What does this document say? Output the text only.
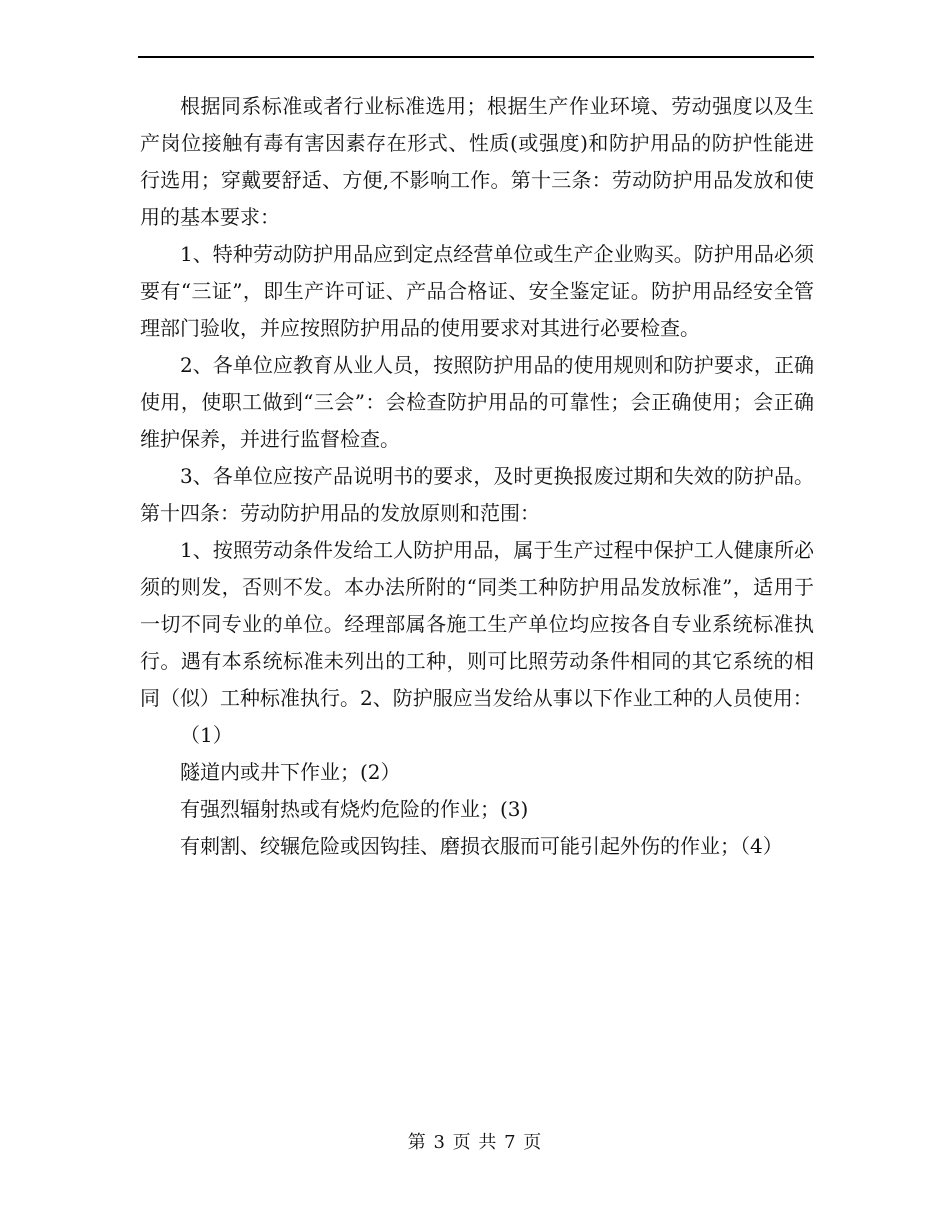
根据同系标准或者行业标准选用；根据生产作业环境、劳动强度以及生产岗位接触有毒有害因素存在形式、性质(或强度)和防护用品的防护性能进行选用；穿戴要舒适、方便,不影响工作。第十三条：劳动防护用品发放和使用的基本要求：

1、特种劳动防护用品应到定点经营单位或生产企业购买。防护用品必须要有“三证”，即生产许可证、产品合格证、安全鉴定证。防护用品经安全管理部门验收，并应按照防护用品的使用要求对其进行必要检查。

2、各单位应教育从业人员，按照防护用品的使用规则和防护要求，正确使用，使职工做到“三会”：会检查防护用品的可靠性；会正确使用；会正确维护保养，并进行监督检查。

3、各单位应按产品说明书的要求，及时更换报废过期和失效的防护品。第十四条：劳动防护用品的发放原则和范围：

1、按照劳动条件发给工人防护用品，属于生产过程中保护工人健康所必须的则发，否则不发。本办法所附的“同类工种防护用品发放标准”，适用于一切不同专业的单位。经理部属各施工生产单位均应按各自专业系统标准执行。遇有本系统标准未列出的工种，则可比照劳动条件相同的其它系统的相同（似）工种标准执行。2、防护服应当发给从事以下作业工种的人员使用：

（1）

隧道内或井下作业；(2）

有强烈辐射热或有烧灼危险的作业；(3)

有刺割、绞辗危险或因钩挂、磨损衣服而可能引起外伤的作业；（4）

第 3 页 共 7 页
